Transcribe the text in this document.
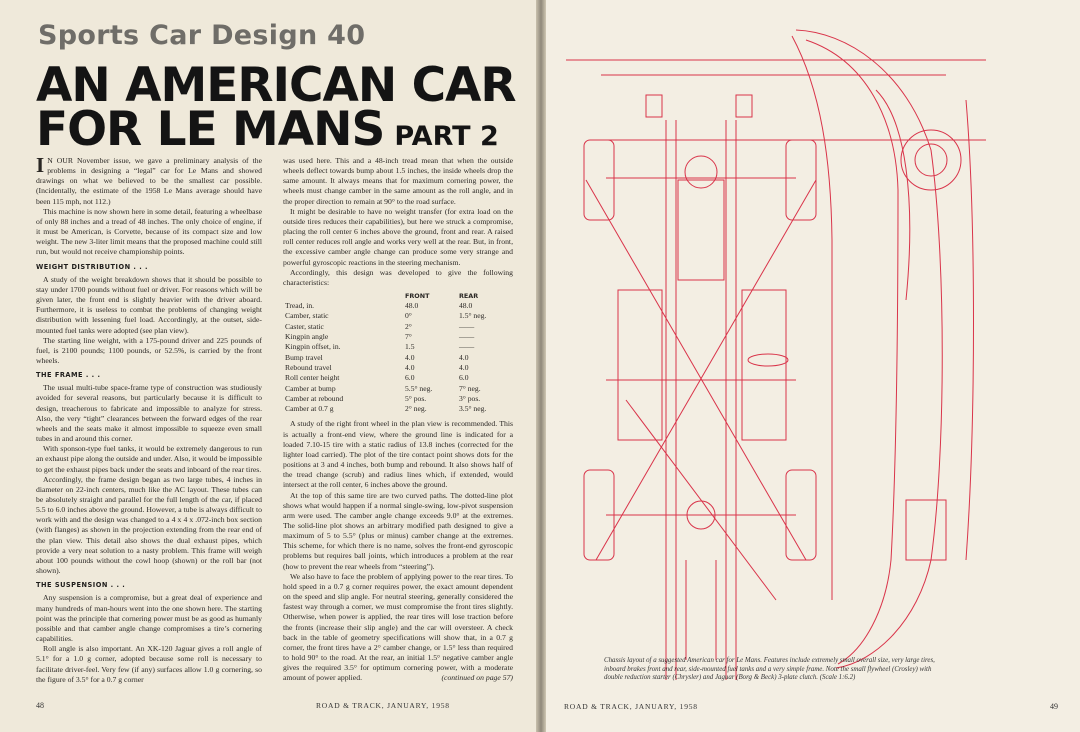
Sports Car Design 40
AN AMERICAN CAR
FOR LE MANS PART 2

I N OUR November issue, we gave a preliminary analysis of the problems in designing a “legal” car for Le Mans and showed drawings on what we believed to be the smallest car possible. (Incidentally, the estimate of the 1958 Le Mans average should have been 115 mph, not 112.)

This machine is now shown here in some detail, featuring a wheelbase of only 88 inches and a tread of 48 inches. The only choice of engine, if it must be American, is Corvette, because of its compact size and low weight. The new 3-liter limit means that the proposed machine could still run, but would not receive championship points.

WEIGHT DISTRIBUTION . . .

A study of the weight breakdown shows that it should be possible to stay under 1700 pounds without fuel or driver. For reasons which will be given later, the front end is slightly heavier with the driver aboard. Furthermore, it is useless to combat the problems of changing weight distribution with lessening fuel load. Accordingly, at the outset, side-mounted fuel tanks were adopted (see plan view).

The starting line weight, with a 175-pound driver and 225 pounds of fuel, is 2100 pounds; 1100 pounds, or 52.5%, is carried by the front wheels.

THE FRAME . . .

The usual multi-tube space-frame type of construction was studiously avoided for several reasons, but particularly because it is difficult to design, treacherous to fabricate and impossible to analyze for stress. Also, the very “tight” clearances between the forward edges of the rear wheels and the seats make it almost impossible to squeeze even small tubes in and around this corner.

With sponson-type fuel tanks, it would be extremely dangerous to run an exhaust pipe along the outside and under. Also, it would be impossible to get the exhaust pipes back under the seats and inboard of the rear tires.

Accordingly, the frame design began as two large tubes, 4 inches in diameter on 22-inch centers, much like the AC layout. These tubes can be absolutely straight and parallel for the full length of the car, if placed 5.5 to 6.0 inches above the ground. However, a tube is always difficult to work with and the design was changed to a 4 x 4 x .072-inch box section (with flanges) as shown in the projection extending from the rear end of the plan view. This detail also shows the dual exhaust pipes, which provide a very neat solution to a nasty problem. This frame will weigh about 100 pounds without the cowl hoop (shown) or the roll bar (not shown).

THE SUSPENSION . . .

Any suspension is a compromise, but a great deal of experience and many hundreds of man-hours went into the one shown here. The starting point was the principle that cornering power must be as good as humanly possible and that camber angle change compromises a tire’s cornering capabilities.

Roll angle is also important. An XK-120 Jaguar gives a roll angle of 5.1° for a 1.0 g corner, adopted because some roll is necessary to facilitate driver-feel. Very few (if any) surfaces allow 1.0 g cornering, so the figure of 3.5° for a 0.7 g corner

was used here. This and a 48-inch tread mean that when the outside wheels deflect towards bump about 1.5 inches, the inside wheels drop the same amount. It always means that for maximum cornering power, the wheels must change camber in the same amount as the roll angle, and in the proper direction to remain at 90° to the road surface.

It might be desirable to have no weight transfer (for extra load on the outside tires reduces their capabilities), but here we struck a compromise, placing the roll center 6 inches above the ground, front and rear. A raised roll center reduces roll angle and works very well at the rear. But, in front, the excessive camber angle change can produce some very strange and powerful gyroscopic reactions in the steering mechanism.

Accordingly, this design was developed to give the following characteristics:

	FRONT	REAR
Tread, in.	48.0	48.0
Camber, static	0°	1.5° neg.
Caster, static	2°	——
Kingpin angle	7°	——
Kingpin offset, in.	1.5	——
Bump travel	4.0	4.0
Rebound travel	4.0	4.0
Roll center height	6.0	6.0
Camber at bump	5.5° neg.	7° neg.
Camber at rebound	5° pos.	3° pos.
Camber at 0.7 g	2° neg.	3.5° neg.

A study of the right front wheel in the plan view is recommended. This is actually a front-end view, where the ground line is indicated for a loaded 7.10-15 tire with a static radius of 13.8 inches (corrected for the lighter load carried). The plot of the tire contact point shows dots for the positions at 3 and 4 inches, both bump and rebound. It also shows half of the tread change (scrub) and radius lines which, if extended, would intersect at the roll center, 6 inches above the ground.

At the top of this same tire are two curved paths. The dotted-line plot shows what would happen if a normal single-swing, low-pivot suspension arm were used. The camber angle change exceeds 9.0° at the extremes. The solid-line plot shows an arbitrary modified path designed to give a maximum of 5 to 5.5° (plus or minus) camber change at the extremes. This scheme, for which there is no name, solves the front-end gyroscopic problems but requires ball joints, which introduces a problem at the rear (how to prevent the rear wheels from “steering”).

We also have to face the problem of applying power to the rear tires. To hold speed in a 0.7 g corner requires power, the exact amount dependent on the speed and slip angle. For neutral steering, generally considered the fastest way through a corner, we must compromise the front tires slightly. Otherwise, when power is applied, the rear tires will lose traction before the fronts (increase their slip angle) and the car will oversteer. A check back in the table of geometry specifications will show that, in a 0.7 g corner, the front tires have a 2° camber change, or 1.5° less than required to hold 90° to the road. At the rear, an initial 1.5° negative camber angle gives the required 3.5° for optimum cornering power, with a moderate amount of power applied.	(continued on page 57)

48	ROAD & TRACK, JANUARY, 1958
Chassis layout of a suggested American car for Le Mans. Features include extremely small overall size, very large tires, inboard brakes front and rear, side-mounted fuel tanks and a very simple frame. Note the small flywheel (Crosley) with double reduction starter (Chrysler) and Jaguar (Borg & Beck) 3-plate clutch. (Scale 1:6.2)
ROAD & TRACK, JANUARY, 1958	49
